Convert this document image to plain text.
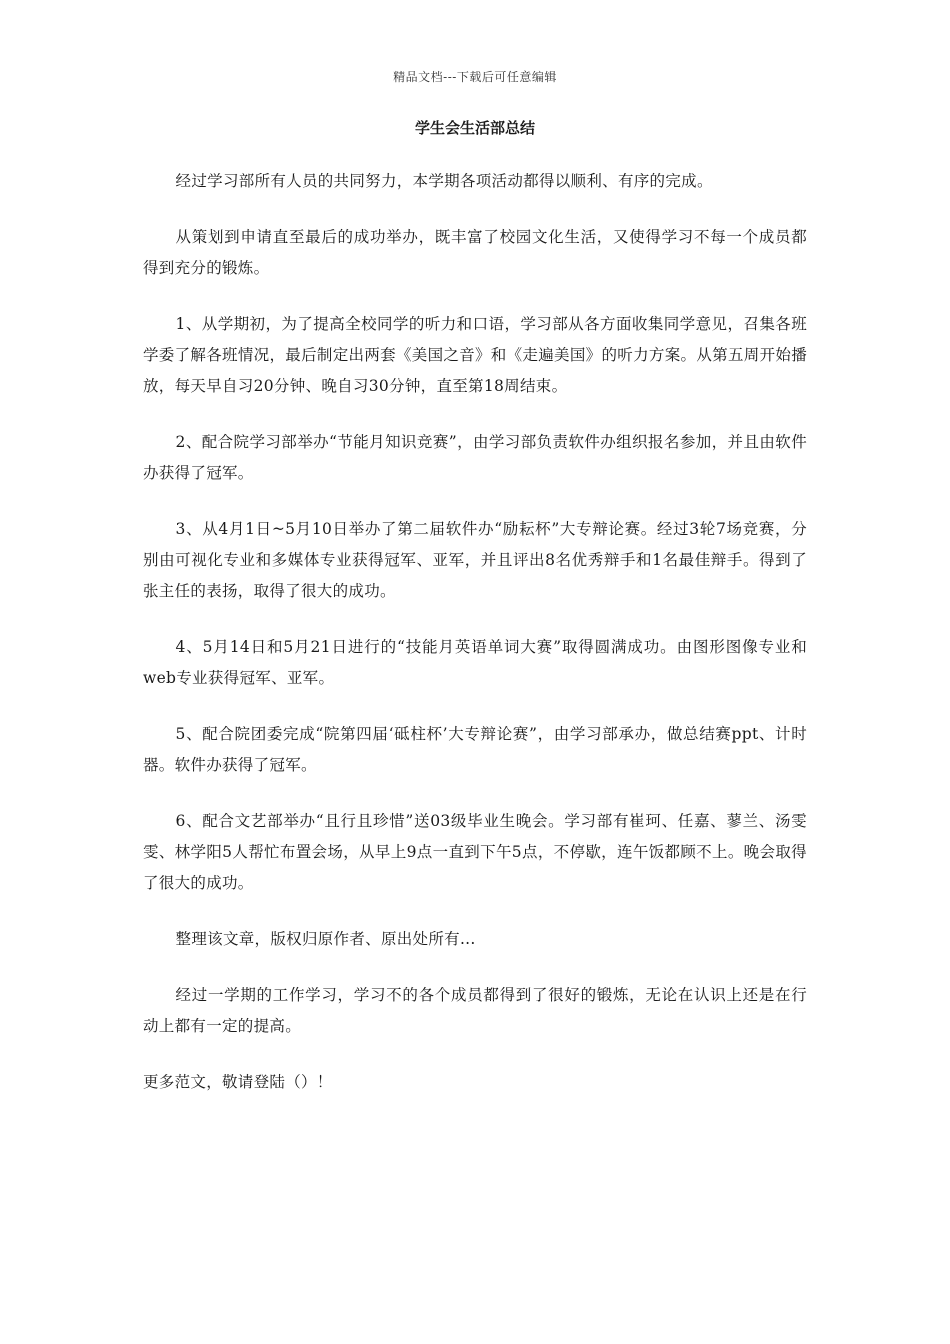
精品文档---下载后可任意编辑
学生会生活部总结

经过学习部所有人员的共同努力，本学期各项活动都得以顺利、有序的完成。

从策划到申请直至最后的成功举办，既丰富了校园文化生活，又使得学习不每一个成员都得到充分的锻炼。

1、从学期初，为了提高全校同学的听力和口语，学习部从各方面收集同学意见，召集各班学委了解各班情况，最后制定出两套《美国之音》和《走遍美国》的听力方案。从第五周开始播放，每天早自习20分钟、晚自习30分钟，直至第18周结束。

2、配合院学习部举办“节能月知识竞赛”，由学习部负责软件办组织报名参加，并且由软件办获得了冠军。

3、从4月1日~5月10日举办了第二届软件办“励耘杯”大专辩论赛。经过3轮7场竞赛，分别由可视化专业和多媒体专业获得冠军、亚军，并且评出8名优秀辩手和1名最佳辩手。得到了张主任的表扬，取得了很大的成功。

4、5月14日和5月21日进行的“技能月英语单词大赛”取得圆满成功。由图形图像专业和web专业获得冠军、亚军。

5、配合院团委完成“院第四届‘砥柱杯’大专辩论赛”，由学习部承办，做总结赛ppt、计时器。软件办获得了冠军。

6、配合文艺部举办“且行且珍惜”送03级毕业生晚会。学习部有崔珂、任嘉、蓼兰、汤雯雯、林学阳5人帮忙布置会场，从早上9点一直到下午5点，不停歇，连午饭都顾不上。晚会取得了很大的成功。

整理该文章，版权归原作者、原出处所有...

经过一学期的工作学习，学习不的各个成员都得到了很好的锻炼，无论在认识上还是在行动上都有一定的提高。

更多范文，敬请登陆（）！
